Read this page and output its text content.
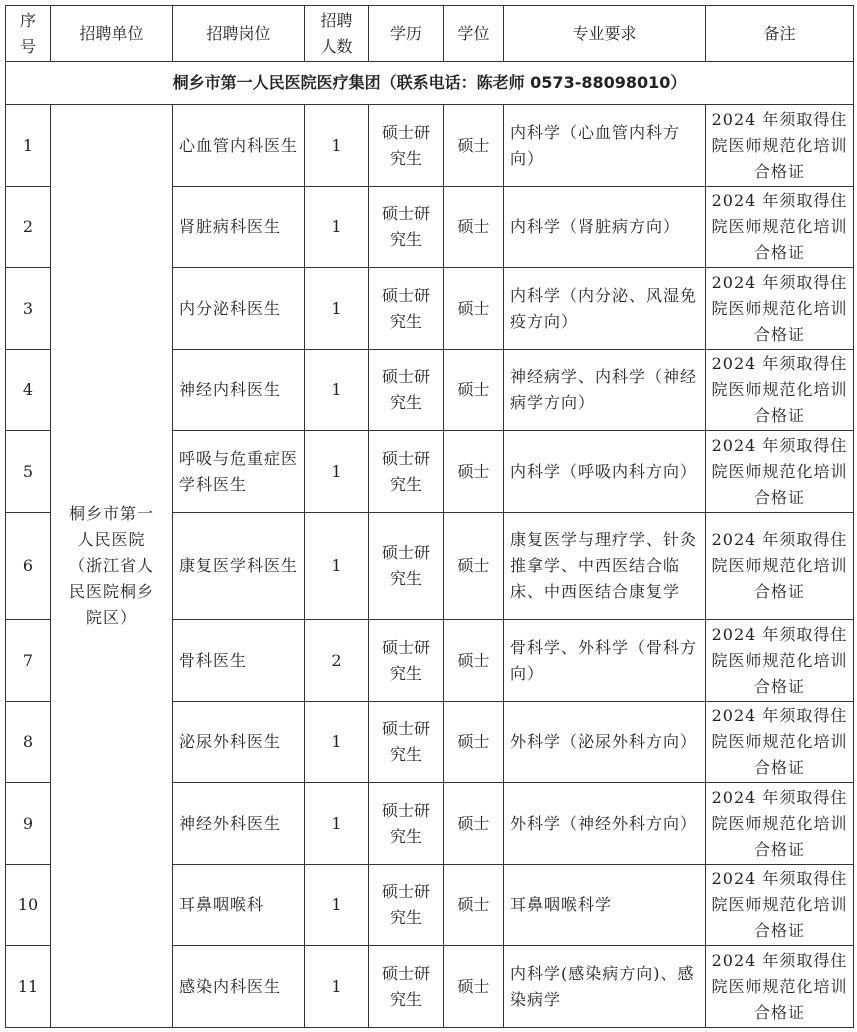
序号	招聘单位	招聘岗位	招聘人数	学历	学位	专业要求	备注
桐乡市第一人民医院医疗集团（联系电话：陈老师 0573-88098010）							
1	桐乡市第一人民医院（浙江省人民医院桐乡院区）	心血管内科医生	1	硕士研究生	硕士	内科学（心血管内科方向）	2024 年须取得住院医师规范化培训合格证
2		肾脏病科医生	1	硕士研究生	硕士	内科学（肾脏病方向）	2024 年须取得住院医师规范化培训合格证
3		内分泌科医生	1	硕士研究生	硕士	内科学（内分泌、风湿免疫方向）	2024 年须取得住院医师规范化培训合格证
4		神经内科医生	1	硕士研究生	硕士	神经病学、内科学（神经病学方向）	2024 年须取得住院医师规范化培训合格证
5		呼吸与危重症医学科医生	1	硕士研究生	硕士	内科学（呼吸内科方向）	2024 年须取得住院医师规范化培训合格证
6		康复医学科医生	1	硕士研究生	硕士	康复医学与理疗学、针灸推拿学、中西医结合临床、中西医结合康复学	2024 年须取得住院医师规范化培训合格证
7		骨科医生	2	硕士研究生	硕士	骨科学、外科学（骨科方向）	2024 年须取得住院医师规范化培训合格证
8		泌尿外科医生	1	硕士研究生	硕士	外科学（泌尿外科方向）	2024 年须取得住院医师规范化培训合格证
9		神经外科医生	1	硕士研究生	硕士	外科学（神经外科方向）	2024 年须取得住院医师规范化培训合格证
10		耳鼻咽喉科	1	硕士研究生	硕士	耳鼻咽喉科学	2024 年须取得住院医师规范化培训合格证
11		感染内科医生	1	硕士研究生	硕士	内科学(感染病方向)、感染病学	2024 年须取得住院医师规范化培训合格证
